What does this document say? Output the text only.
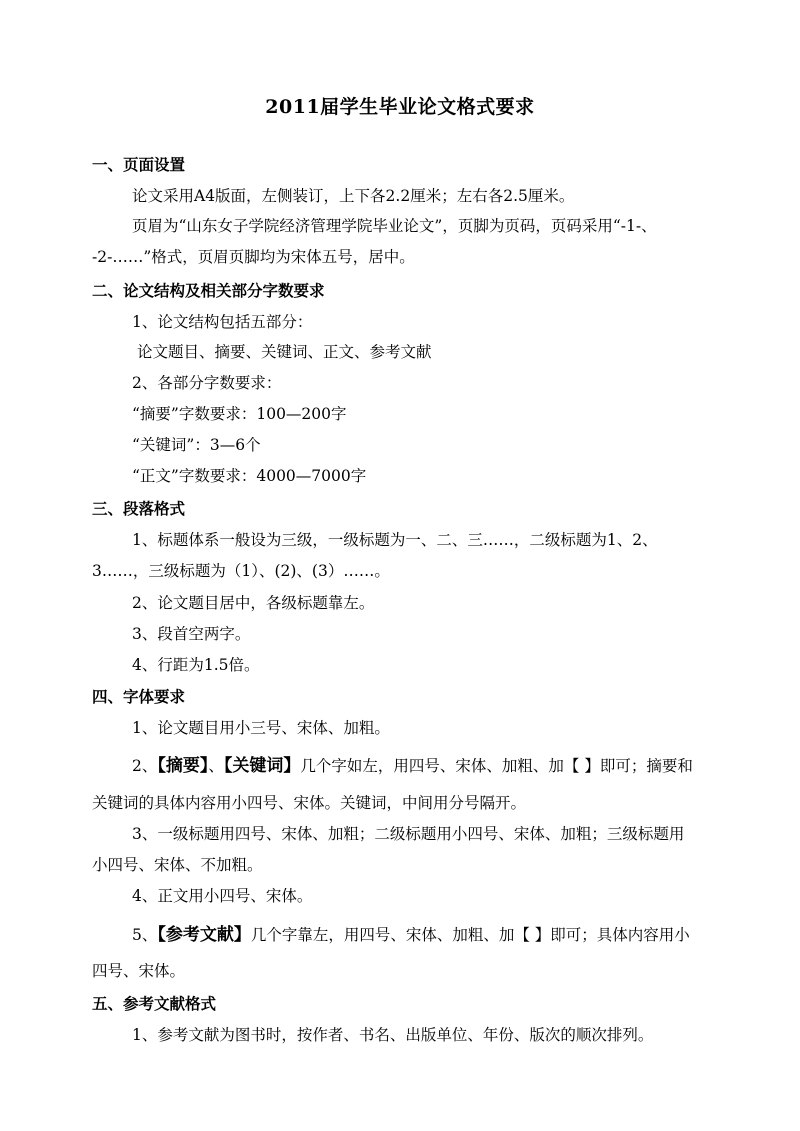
2011届学生毕业论文格式要求
一、页面设置
论文采用A4版面，左侧装订，上下各2.2厘米；左右各2.5厘米。
页眉为“山东女子学院经济管理学院毕业论文”，页脚为页码，页码采用“-1-、
-2-……”格式，页眉页脚均为宋体五号，居中。
二、论文结构及相关部分字数要求
1、论文结构包括五部分：
论文题目、摘要、关键词、正文、参考文献
2、各部分字数要求：
“摘要”字数要求：100—200字
“关键词”：3—6个
“正文”字数要求：4000—7000字
三、段落格式
1、标题体系一般设为三级，一级标题为一、二、三……，二级标题为1、2、
3……，三级标题为（1）、(2)、(3）……。
2、论文题目居中，各级标题靠左。
3、段首空两字。
4、行距为1.5倍。
四、字体要求
1、论文题目用小三号、宋体、加粗。
2、【摘要】、【关键词】几个字如左，用四号、宋体、加粗、加【 】即可；摘要和
关键词的具体内容用小四号、宋体。关键词，中间用分号隔开。
3、一级标题用四号、宋体、加粗；二级标题用小四号、宋体、加粗；三级标题用
小四号、宋体、不加粗。
4、正文用小四号、宋体。
5、【参考文献】几个字靠左，用四号、宋体、加粗、加【 】即可；具体内容用小
四号、宋体。
五、参考文献格式
1、参考文献为图书时，按作者、书名、出版单位、年份、版次的顺次排列。
